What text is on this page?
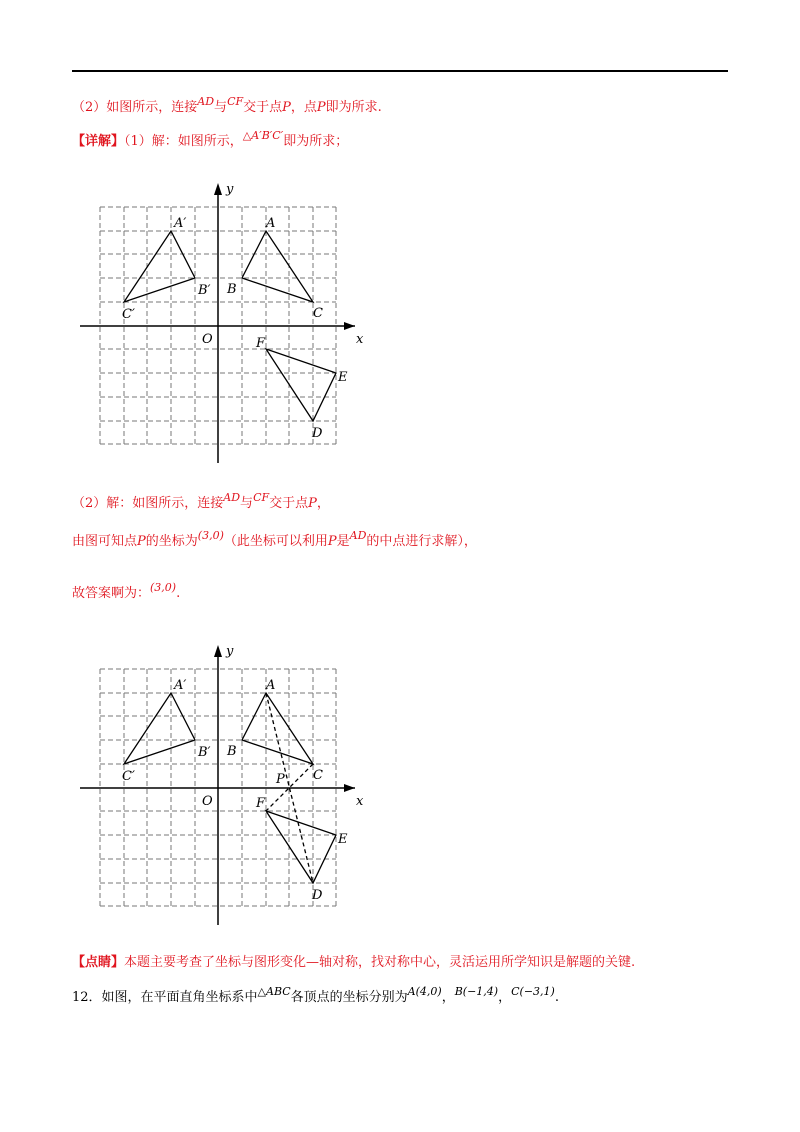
（2）如图所示，连接$^{AD}$与$^{CF}$交于点P，点P即为所求.
【详解】（1）解：如图所示，$^{\triangle A'B'C'}$即为所求；
y
x
O
A
B
C
A′
B′
C′
F
E
D
（2）解：如图所示，连接$^{AD}$与$^{CF}$交于点P，
由图可知点P的坐标为$^{(3,0)}$（此坐标可以利用P是$^{AD}$的中点进行求解），
故答案啊为：$^{(3,0)}$.
y
x
O
A
B
C
A′
B′
C′	P
F
E
D
【点睛】本题主要考查了坐标与图形变化—轴对称，找对称中心，灵活运用所学知识是解题的关键.
12．如图，在平面直角坐标系中$^{\triangle ABC}$各顶点的坐标分别为$^{A(4,0)}$，$^{B(-1,4)}$，$^{C(-3,1)}$.
